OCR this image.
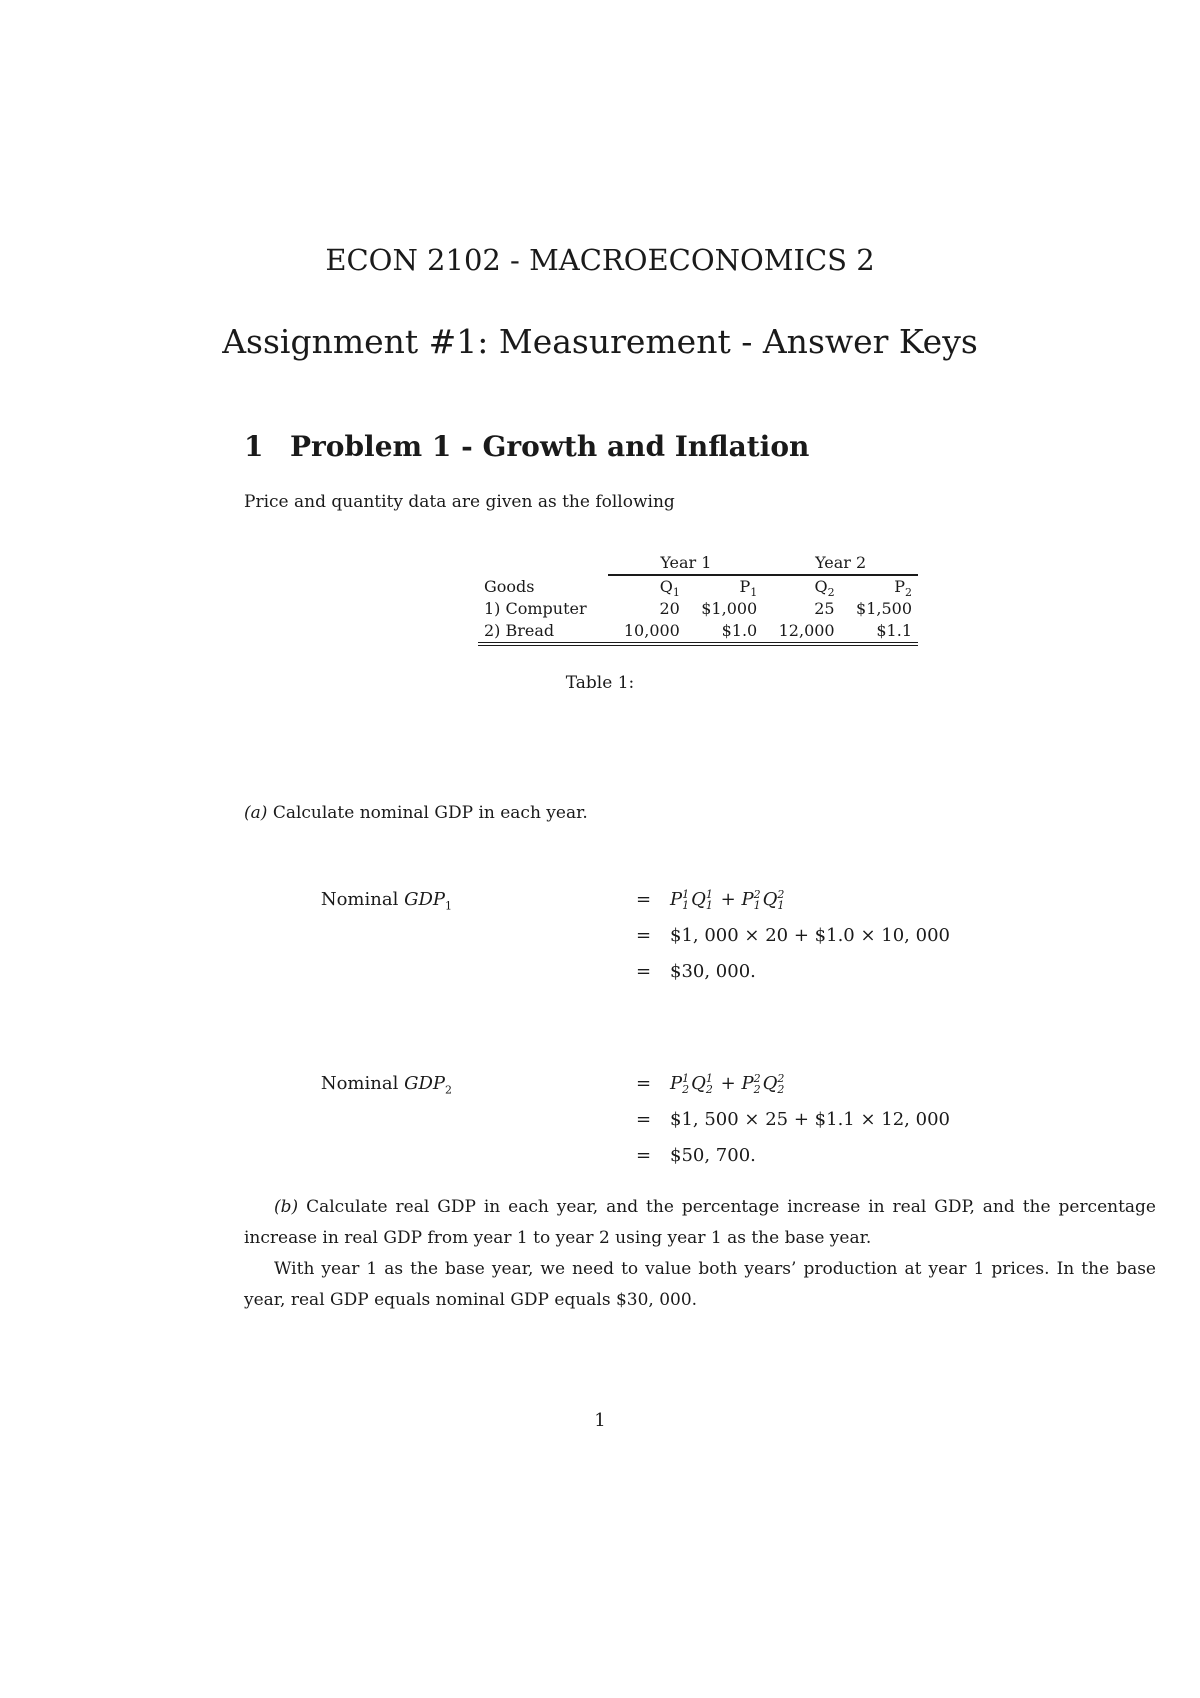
ECON 2102 - MACROECONOMICS 2
Assignment #1: Measurement - Answer Keys
1 Problem 1 - Growth and Inflation
Price and quantity data are given as the following
	Year 1		Year 2	
Goods	$Q_1$	$P_1$	$Q_2$	$P_2$
1) Computer	20	$1,000	25	$1,500
2) Bread	10,000	$1.0	12,000	$1.1
Table 1:
(a) Calculate nominal GDP in each year.
Nominal $GDP_1$	= P 1
1 Q 1
1 + P 2
1 Q 2
1
= $1, 000 × 20 + $1.0 × 10, 000
= $30, 000.
Nominal $GDP_2$	= P 1
2 Q 1
2 + P 2
2 Q 2
2
= $1, 500 × 25 + $1.1 × 12, 000
= $50, 700.
(b) Calculate real GDP in each year, and the percentage increase in real GDP, and the percentage increase in real GDP from year 1 to year 2 using year 1 as the base year.
With year 1 as the base year, we need to value both years’ production at year 1 prices. In the base year, real GDP equals nominal GDP equals $30, 000.
1
